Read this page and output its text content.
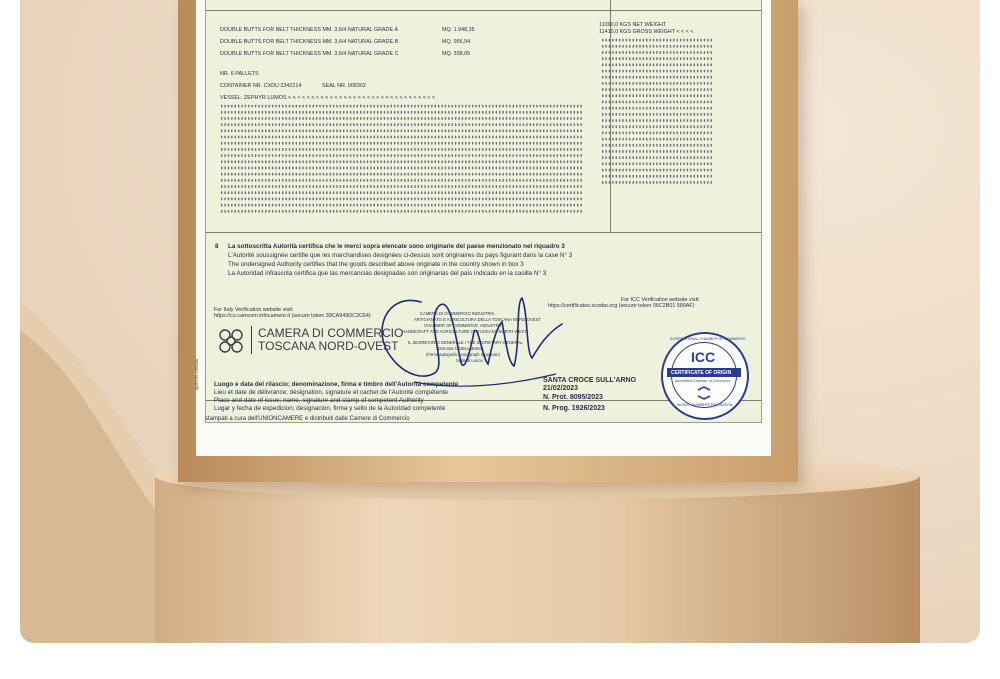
DOUBLE BUTTS FOR BELT THICKNESS MM. 3,6/4 NATURAL GRADE A	MQ. 1.948,35
DOUBLE BUTTS FOR BELT THICKNESS MM. 3,6/4 NATURAL GRADE B	MQ. 956,94
DOUBLE BUTTS FOR BELT THICKNESS MM. 3,6/4 NATURAL GRADE C	MQ. 338,05
NR. 6 PALLETS
CONTAINER NR. CXDU 2342214	SEAL NR. 008302
VESSEL: ZEPHYR LUMOS < < < < < < < < < < < < < < < < < < < < < < < < < < < < < < < <
11090,0 KGS NET WEIGHT
11410,0 KGS GROSS WEIGHT < < < <
8 La sottoscritta Autorità certifica che le merci sopra elencate sono originarie del paese menzionato nel riquadro 3
L'Autorité soussignée certifie que les marchandises designées ci-dessus sont originaires du pays figurant dans la case N° 3
The undersigned Authority certifies that the goods described above originate in the country shown in box 3
La Autoridad infrascrita certifica que las mercancias designadas son originarias del país indicado en la casilla N° 3
For Italy Verification website visit:
https://co.camcom.infocamere.it (secure token 39CA949DC2C64)
For ICC Verification website visit:
https://certificates.iccwbo.org (secure token 06C2B01 580AF)
CAMERA DI COMMERCIO
TOSCANA NORD-OVEST
CAMERA DI COMMERCIO INDUSTRIA
ARTIGIANATO E AGRICOLTURA DELLA TOSCANA NORD-OVEST
CHAMBER OF COMMERCE, INDUSTRY
HANDICRAFT AND AGRICULTURE OF TUSCANY NORTH WEST
IL SEGRETARIO GENERALE / THE SECRETARY GENERAL
Dott.ssa Cristina Martelli
(Firma autografa / Autograph Signature)
Sede di Lucca
SANTA CROCE SULL'ARNO
21/02/2023
N. Prot. 8095/2023
N. Prog. 1926/2023
Luogo e data del rilascio; denominazione, firma e timbro dell'Autorità competente
Lieu et date de délivrance; désignation, signature et cachet de l'Autorité compétente
Place and date of issue; name, signature and stamp of competent Authority
Lugar y fecha de expedicion; designacion, firma y sello de la Autoridad competente
QUINTO • ROMA
INTERNATIONAL CHAMBER OF COMMERCE
ICC
CERTIFICATE OF ORIGIN
Accredited Chamber of Commerce
WORLD CHAMBERS FEDERATION
stampati a cura dell'UNIONCAMERE e distribuiti dalle Camere di Commercio
